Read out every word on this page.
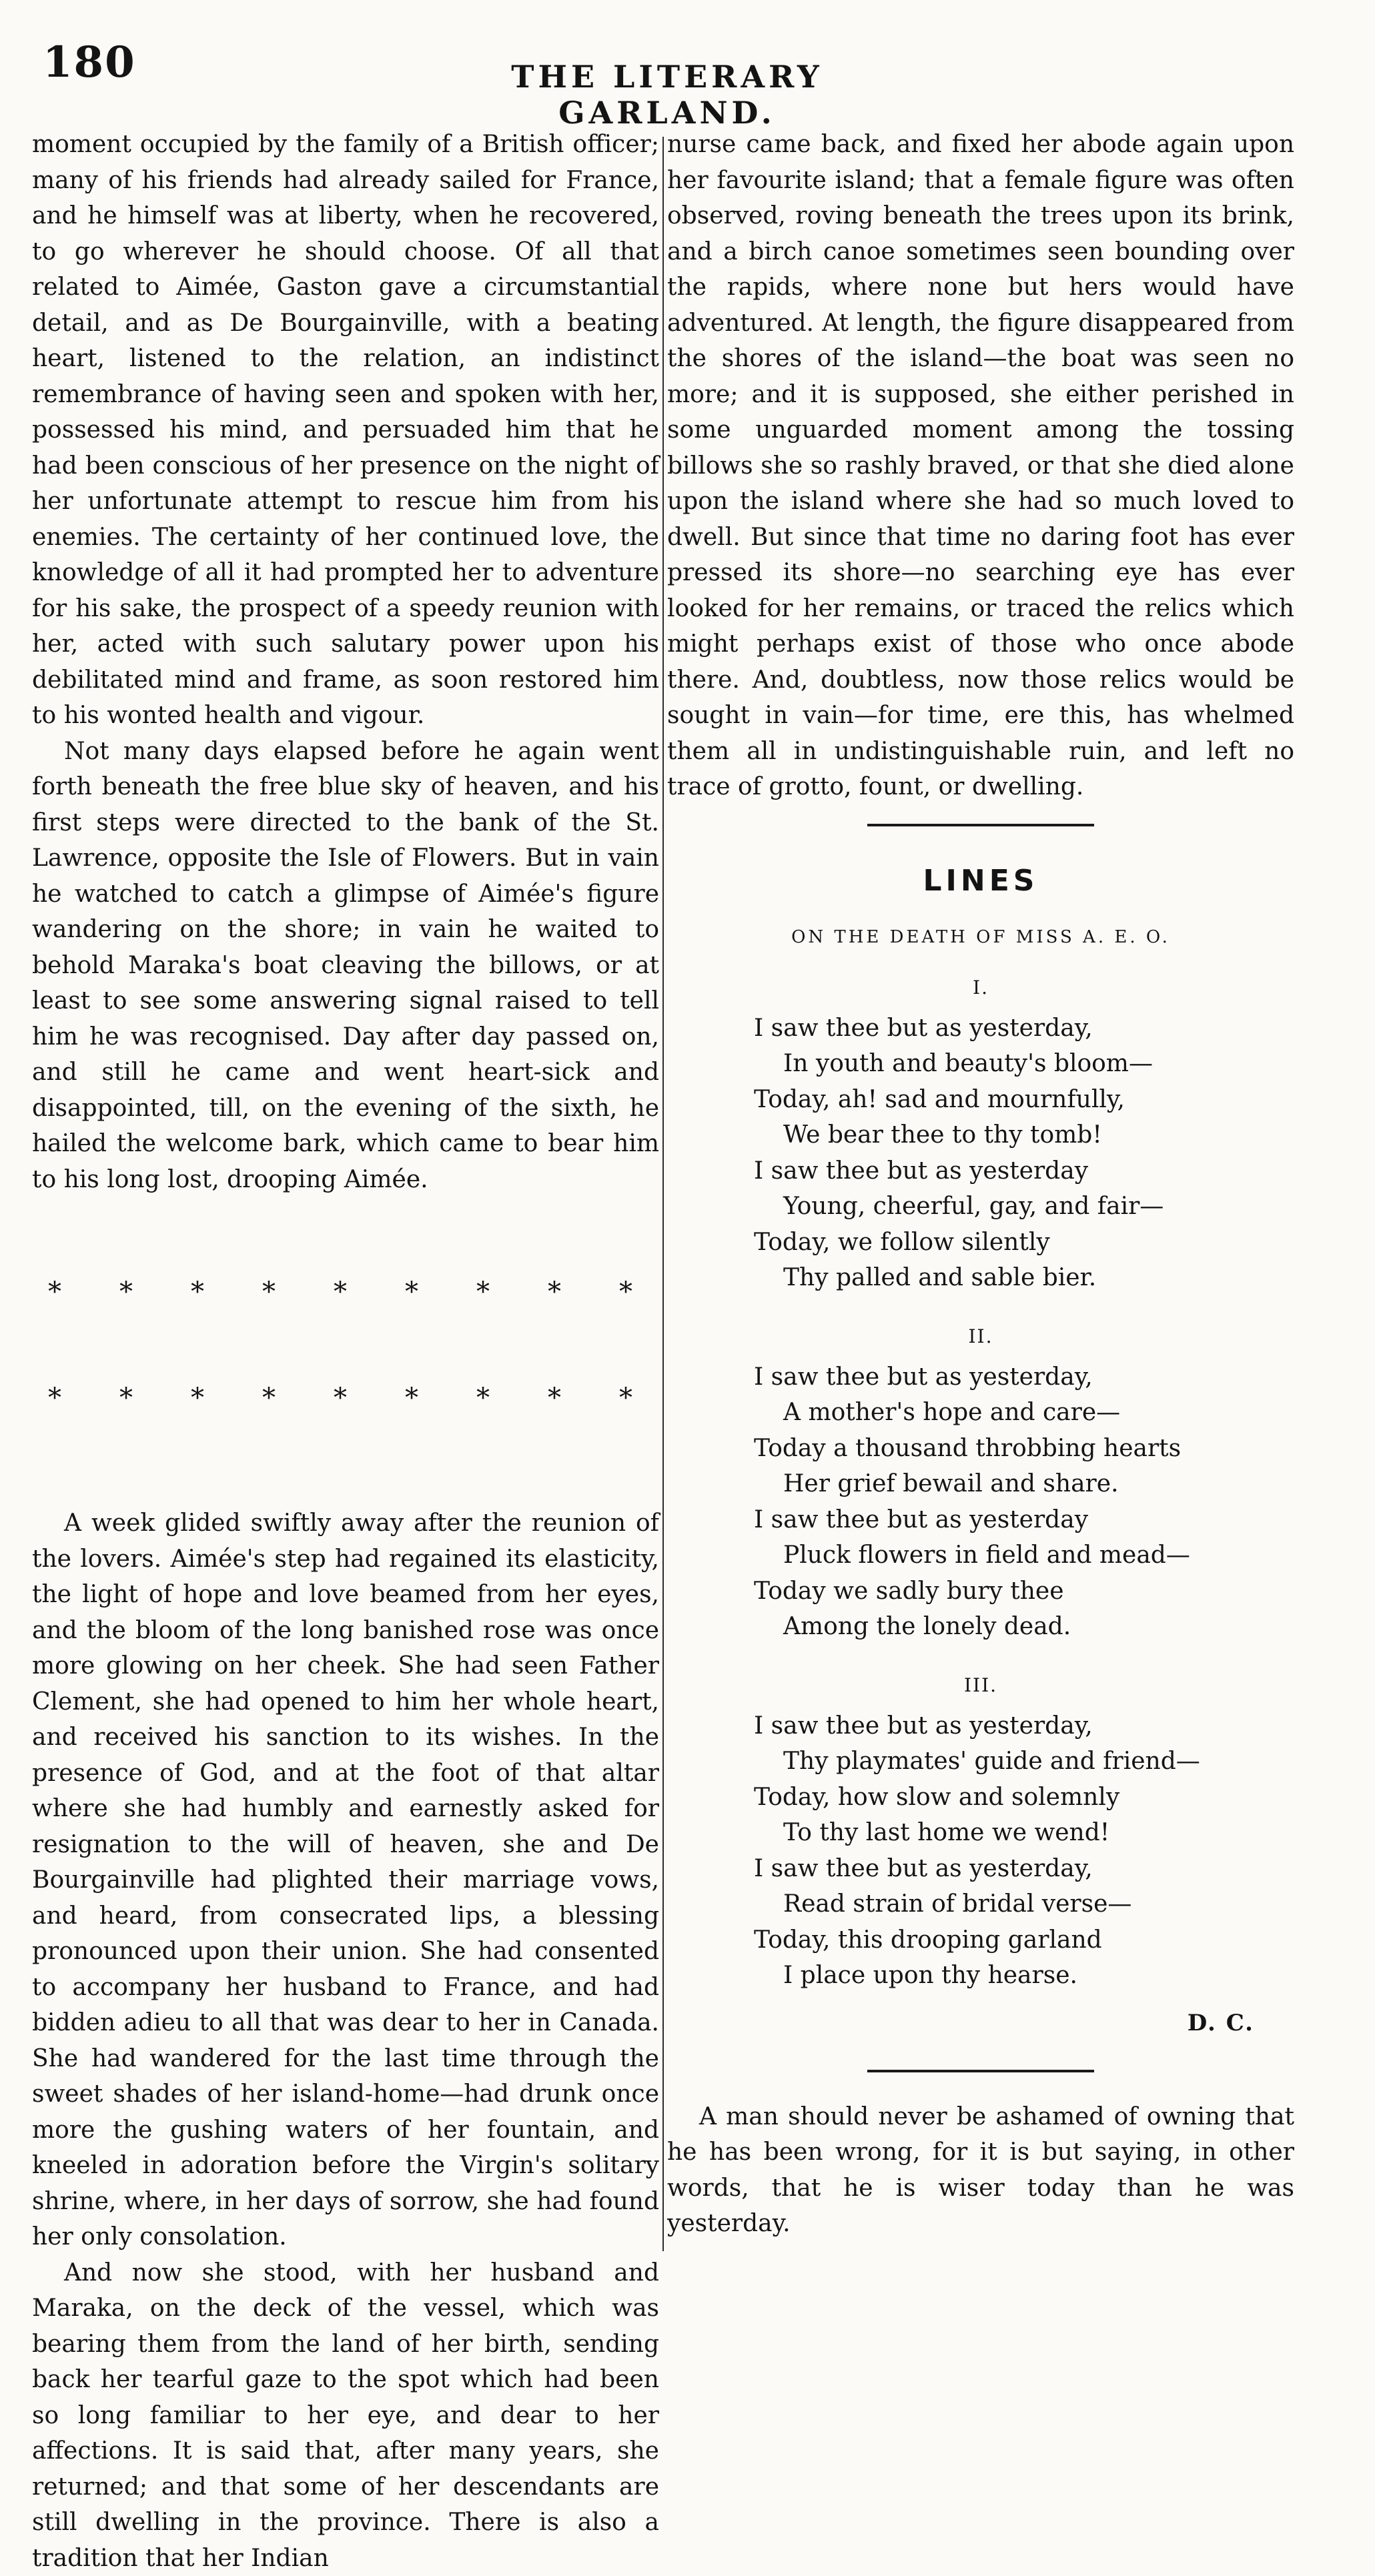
180	THE LITERARY GARLAND.

moment occupied by the family of a British officer; many of his friends had already sailed for France, and he himself was at liberty, when he recovered, to go wherever he should choose. Of all that related to Aimée, Gaston gave a circumstantial detail, and as De Bourgainville, with a beating heart, listened to the relation, an indistinct remembrance of having seen and spoken with her, possessed his mind, and persuaded him that he had been conscious of her presence on the night of her unfortunate attempt to rescue him from his enemies. The certainty of her continued love, the knowledge of all it had prompted her to adventure for his sake, the prospect of a speedy reunion with her, acted with such salutary power upon his debilitated mind and frame, as soon restored him to his wonted health and vigour.

Not many days elapsed before he again went forth beneath the free blue sky of heaven, and his first steps were directed to the bank of the St. Lawrence, opposite the Isle of Flowers. But in vain he watched to catch a glimpse of Aimée's figure wandering on the shore; in vain he waited to behold Maraka's boat cleaving the billows, or at least to see some answering signal raised to tell him he was recognised. Day after day passed on, and still he came and went heart-sick and disappointed, till, on the evening of the sixth, he hailed the welcome bark, which came to bear him to his long lost, drooping Aimée.

* * * * * * * * *

* * * * * * * * *

A week glided swiftly away after the reunion of the lovers. Aimée's step had regained its elasticity, the light of hope and love beamed from her eyes, and the bloom of the long banished rose was once more glowing on her cheek. She had seen Father Clement, she had opened to him her whole heart, and received his sanction to its wishes. In the presence of God, and at the foot of that altar where she had humbly and earnestly asked for resignation to the will of heaven, she and De Bourgainville had plighted their marriage vows, and heard, from consecrated lips, a blessing pronounced upon their union. She had consented to accompany her husband to France, and had bidden adieu to all that was dear to her in Canada. She had wandered for the last time through the sweet shades of her island-home—had drunk once more the gushing waters of her fountain, and kneeled in adoration before the Virgin's solitary shrine, where, in her days of sorrow, she had found her only consolation.

And now she stood, with her husband and Maraka, on the deck of the vessel, which was bearing them from the land of her birth, sending back her tearful gaze to the spot which had been so long familiar to her eye, and dear to her affections. It is said that, after many years, she returned; and that some of her descendants are still dwelling in the province. There is also a tradition that her Indian

nurse came back, and fixed her abode again upon her favourite island; that a female figure was often observed, roving beneath the trees upon its brink, and a birch canoe sometimes seen bounding over the rapids, where none but hers would have adventured. At length, the figure disappeared from the shores of the island—the boat was seen no more; and it is supposed, she either perished in some unguarded moment among the tossing billows she so rashly braved, or that she died alone upon the island where she had so much loved to dwell. But since that time no daring foot has ever pressed its shore—no searching eye has ever looked for her remains, or traced the relics which might perhaps exist of those who once abode there. And, doubtless, now those relics would be sought in vain—for time, ere this, has whelmed them all in undistinguishable ruin, and left no trace of grotto, fount, or dwelling.

LINES
ON THE DEATH OF MISS A. E. O.
I.
I saw thee but as yesterday,
In youth and beauty's bloom—
Today, ah! sad and mournfully,
We bear thee to thy tomb!
I saw thee but as yesterday
Young, cheerful, gay, and fair—
Today, we follow silently
Thy palled and sable bier.
II.
I saw thee but as yesterday,
A mother's hope and care—
Today a thousand throbbing hearts
Her grief bewail and share.
I saw thee but as yesterday
Pluck flowers in field and mead—
Today we sadly bury thee
Among the lonely dead.
III.
I saw thee but as yesterday,
Thy playmates' guide and friend—
Today, how slow and solemnly
To thy last home we wend!
I saw thee but as yesterday,
Read strain of bridal verse—
Today, this drooping garland
I place upon thy hearse.
D. C.

A man should never be ashamed of owning that he has been wrong, for it is but saying, in other words, that he is wiser today than he was yesterday.
